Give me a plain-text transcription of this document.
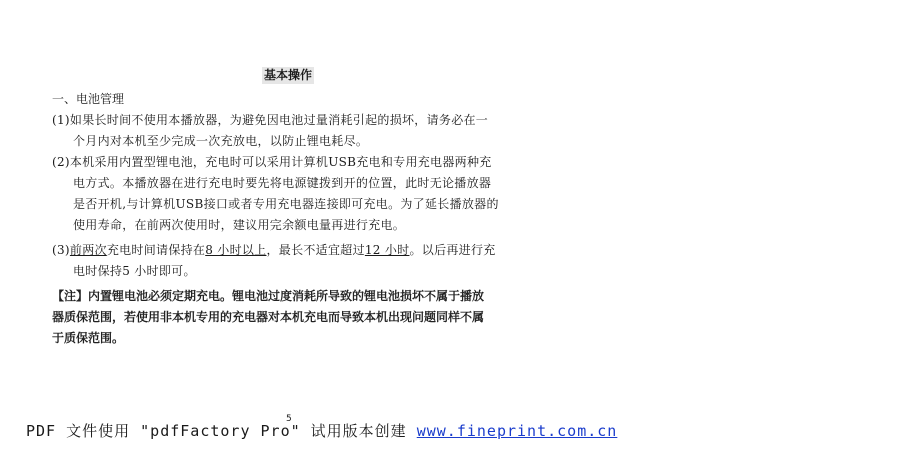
基本操作
一、电池管理
(1)如果长时间不使用本播放器，为避免因电池过量消耗引起的损坏，请务必在一
个月内对本机至少完成一次充放电，以防止锂电耗尽。
(2)本机采用内置型锂电池，充电时可以采用计算机USB充电和专用充电器两种充
电方式。本播放器在进行充电时要先将电源键拨到开的位置，此时无论播放器
是否开机,与计算机USB接口或者专用充电器连接即可充电。为了延长播放器的
使用寿命，在前两次使用时，建议用完余额电量再进行充电。
(3)前两次充电时间请保持在8 小时以上，最长不适宜超过12 小时。以后再进行充
电时保持5 小时即可。
【注】内置锂电池必须定期充电。锂电池过度消耗所导致的锂电池损坏不属于播放
器质保范围，若使用非本机专用的充电器对本机充电而导致本机出现问题同样不属
于质保范围。
5
PDF 文件使用 "pdfFactory Pro" 试用版本创建 www.fineprint.com.cn
